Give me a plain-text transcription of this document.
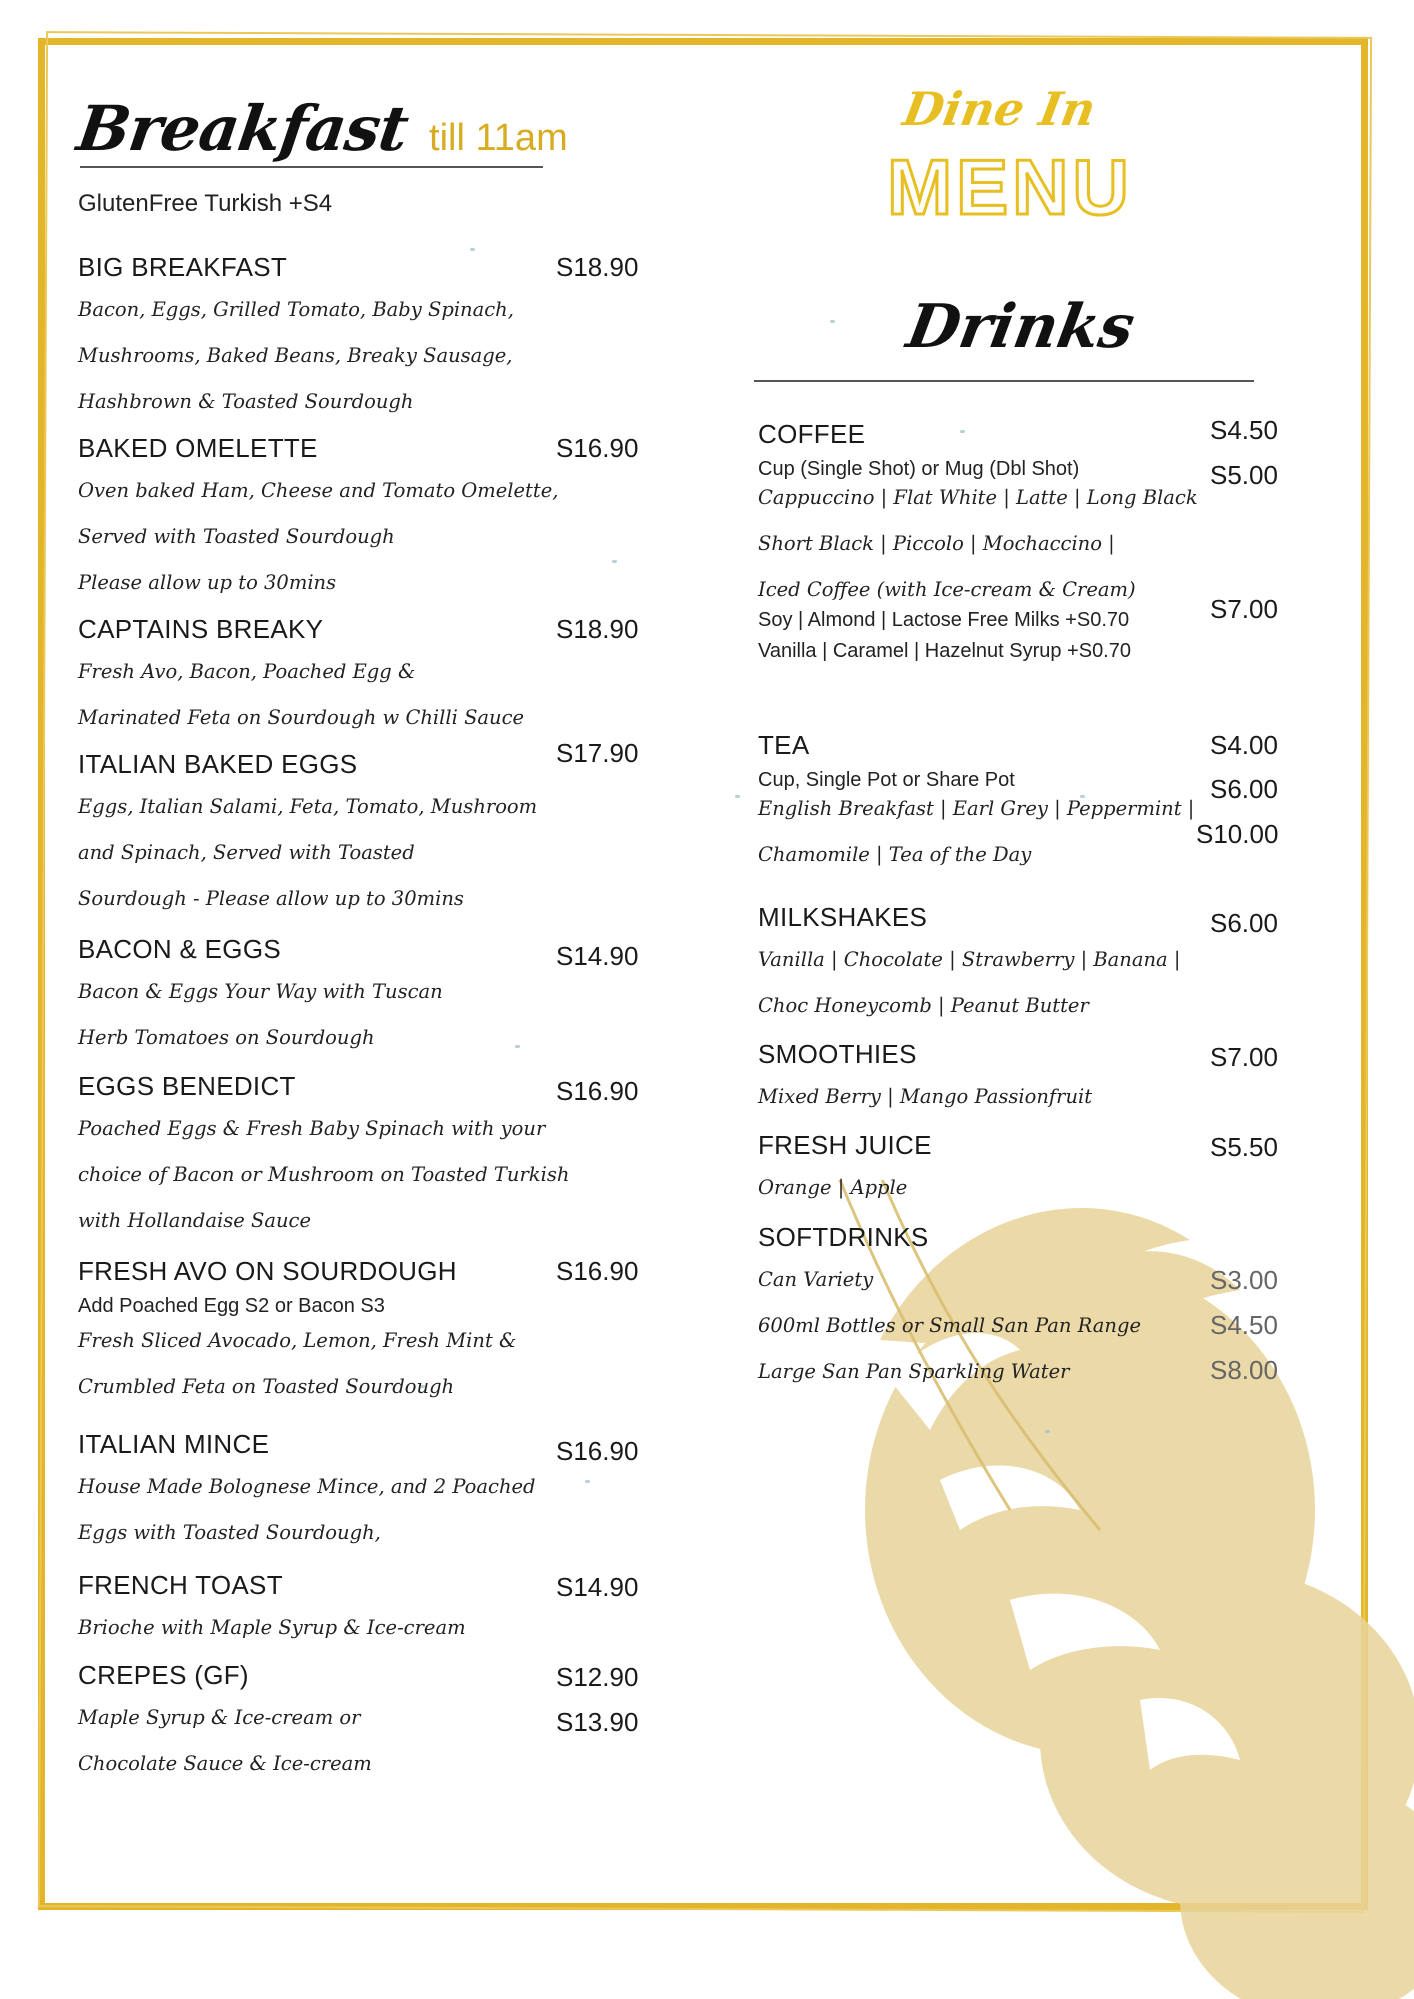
Breakfast till 11am
GlutenFree Turkish +S4
BIG BREAKFAST
Bacon, Eggs, Grilled Tomato, Baby Spinach,
Mushrooms, Baked Beans, Breaky Sausage,
Hashbrown & Toasted Sourdough
S18.90
BAKED OMELETTE
Oven baked Ham, Cheese and Tomato Omelette,
Served with Toasted Sourdough
Please allow up to 30mins
S16.90
CAPTAINS BREAKY
Fresh Avo, Bacon, Poached Egg &
Marinated Feta on Sourdough w Chilli Sauce
S18.90
ITALIAN BAKED EGGS
Eggs, Italian Salami, Feta, Tomato, Mushroom
and Spinach, Served with Toasted
Sourdough - Please allow up to 30mins
S17.90
BACON & EGGS
Bacon & Eggs Your Way with Tuscan
Herb Tomatoes on Sourdough
S14.90
EGGS BENEDICT
Poached Eggs & Fresh Baby Spinach with your
choice of Bacon or Mushroom on Toasted Turkish
with Hollandaise Sauce
S16.90
FRESH AVO ON SOURDOUGH
Add Poached Egg S2 or Bacon S3
Fresh Sliced Avocado, Lemon, Fresh Mint &
Crumbled Feta on Toasted Sourdough
S16.90
ITALIAN MINCE
House Made Bolognese Mince, and 2 Poached
Eggs with Toasted Sourdough,
S16.90
FRENCH TOAST
Brioche with Maple Syrup & Ice-cream
S14.90
CREPES (GF)
Maple Syrup & Ice-cream or
Chocolate Sauce & Ice-cream
S12.90
S13.90
Dine In
MENU
Drinks
COFFEE
Cup (Single Shot) or Mug (Dbl Shot)
Cappuccino | Flat White | Latte | Long Black
Short Black | Piccolo | Mochaccino |
Iced Coffee (with Ice-cream & Cream)
Soy | Almond | Lactose Free Milks +S0.70
Vanilla | Caramel | Hazelnut Syrup +S0.70
S4.50
S5.00
S7.00
TEA
Cup, Single Pot or Share Pot
English Breakfast | Earl Grey | Peppermint |
Chamomile | Tea of the Day
S4.00
S6.00
S10.00
MILKSHAKES
Vanilla | Chocolate | Strawberry | Banana |
Choc Honeycomb | Peanut Butter
S6.00
SMOOTHIES
Mixed Berry | Mango Passionfruit
S7.00
FRESH JUICE
Orange | Apple
S5.50
SOFTDRINKS
Can Variety
600ml Bottles or Small San Pan Range
Large San Pan Sparkling Water
S3.00
S4.50
S8.00
